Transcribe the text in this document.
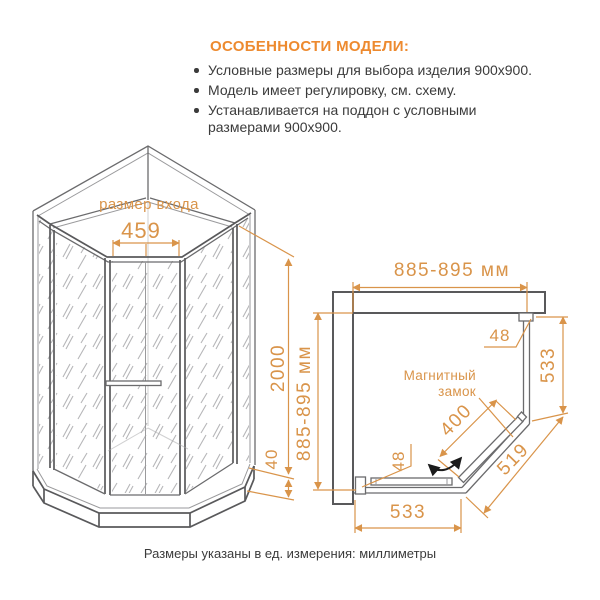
ОСОБЕННОСТИ МОДЕЛИ:
Условные размеры для выбора изделия 900x900.
Модель имеет регулировку, см. схему.
Устанавливается на поддон с условными размерами 900x900.
размер входа
459
2000
40
885-895 мм
885-895 мм	533
519
400
533
48
48
Магнитный
замок
Размеры указаны в ед. измерения: миллиметры
